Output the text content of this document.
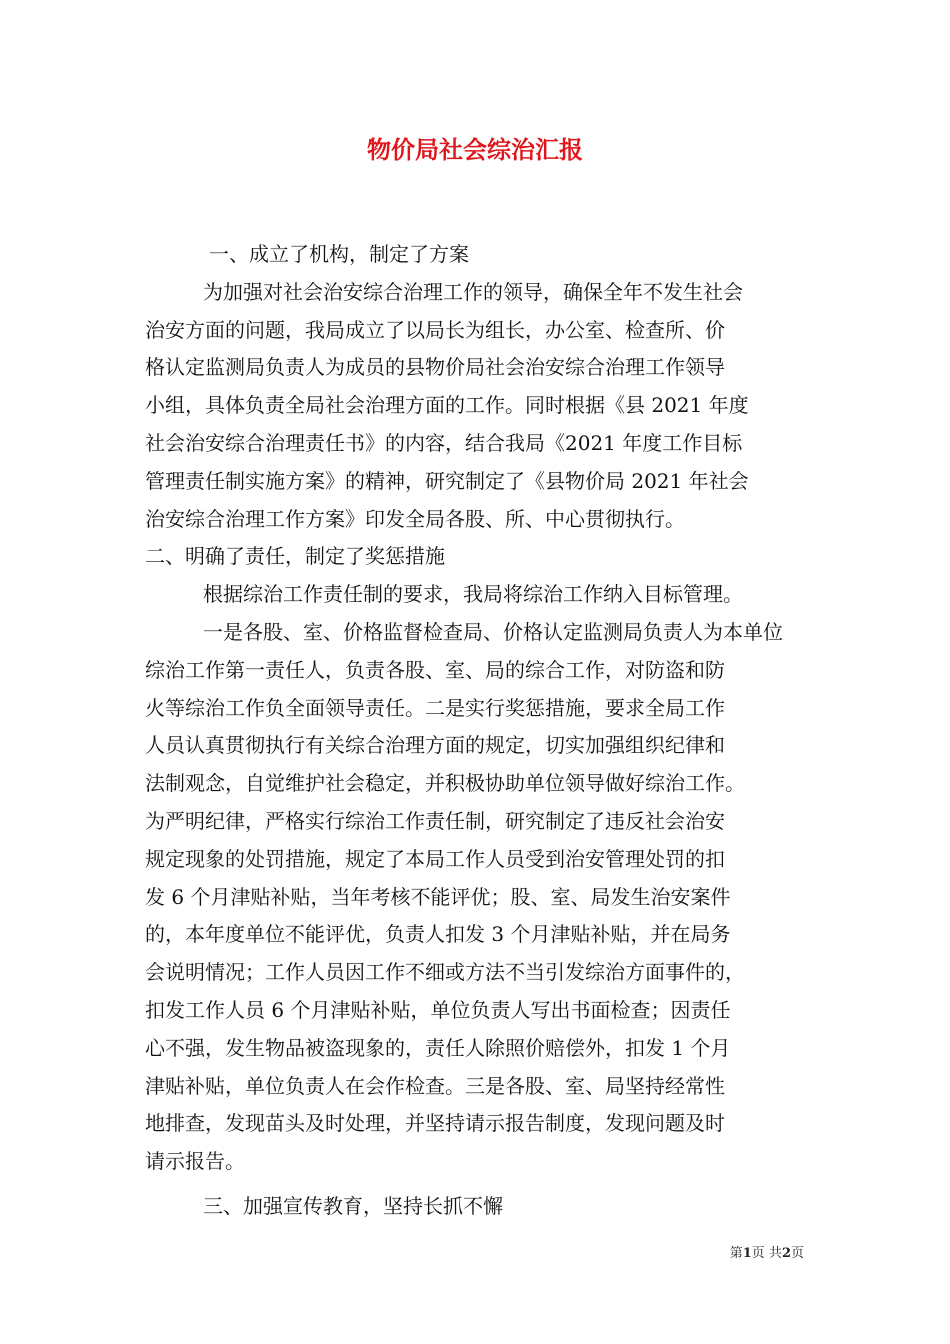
物价局社会综治汇报
一、成立了机构，制定了方案
为加强对社会治安综合治理工作的领导，确保全年不发生社会
治安方面的问题，我局成立了以局长为组长，办公室、检查所、价
格认定监测局负责人为成员的县物价局社会治安综合治理工作领导
小组，具体负责全局社会治理方面的工作。同时根据《县 2021 年度
社会治安综合治理责任书》的内容，结合我局《2021 年度工作目标
管理责任制实施方案》的精神，研究制定了《县物价局 2021 年社会
治安综合治理工作方案》印发全局各股、所、中心贯彻执行。
二、明确了责任，制定了奖惩措施
根据综治工作责任制的要求，我局将综治工作纳入目标管理。
一是各股、室、价格监督检查局、价格认定监测局负责人为本单位
综治工作第一责任人，负责各股、室、局的综合工作，对防盗和防
火等综治工作负全面领导责任。二是实行奖惩措施，要求全局工作
人员认真贯彻执行有关综合治理方面的规定，切实加强组织纪律和
法制观念，自觉维护社会稳定，并积极协助单位领导做好综治工作。
为严明纪律，严格实行综治工作责任制，研究制定了违反社会治安
规定现象的处罚措施，规定了本局工作人员受到治安管理处罚的扣
发 6 个月津贴补贴，当年考核不能评优；股、室、局发生治安案件
的，本年度单位不能评优，负责人扣发 3 个月津贴补贴，并在局务
会说明情况；工作人员因工作不细或方法不当引发综治方面事件的，
扣发工作人员 6 个月津贴补贴，单位负责人写出书面检查；因责任
心不强，发生物品被盗现象的，责任人除照价赔偿外，扣发 1 个月
津贴补贴，单位负责人在会作检查。三是各股、室、局坚持经常性
地排查，发现苗头及时处理，并坚持请示报告制度，发现问题及时
请示报告。
三、加强宣传教育，坚持长抓不懈
第1页 共2页
